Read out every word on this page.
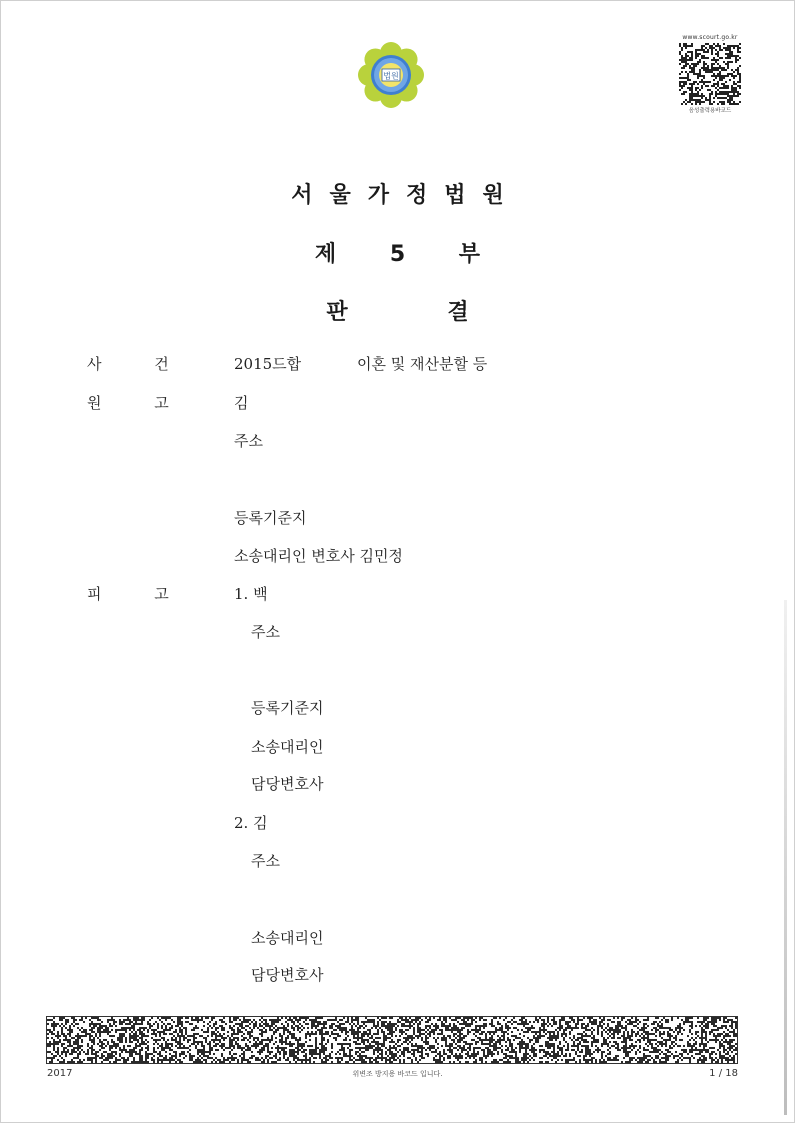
법원
www.scourt.go.kr
음성출력용바코드
서울가정법원
제 5 부
판 결
사 건	2015드합	이혼 및 재산분할 등
원 고	김
주소
등록기준지
소송대리인 변호사 김민정
피 고	1. 백
주소
등록기준지
소송대리인
담당변호사
2. 김
주소
소송대리인
담당변호사
2017	위변조 방지용 바코드 입니다.	1 / 18
